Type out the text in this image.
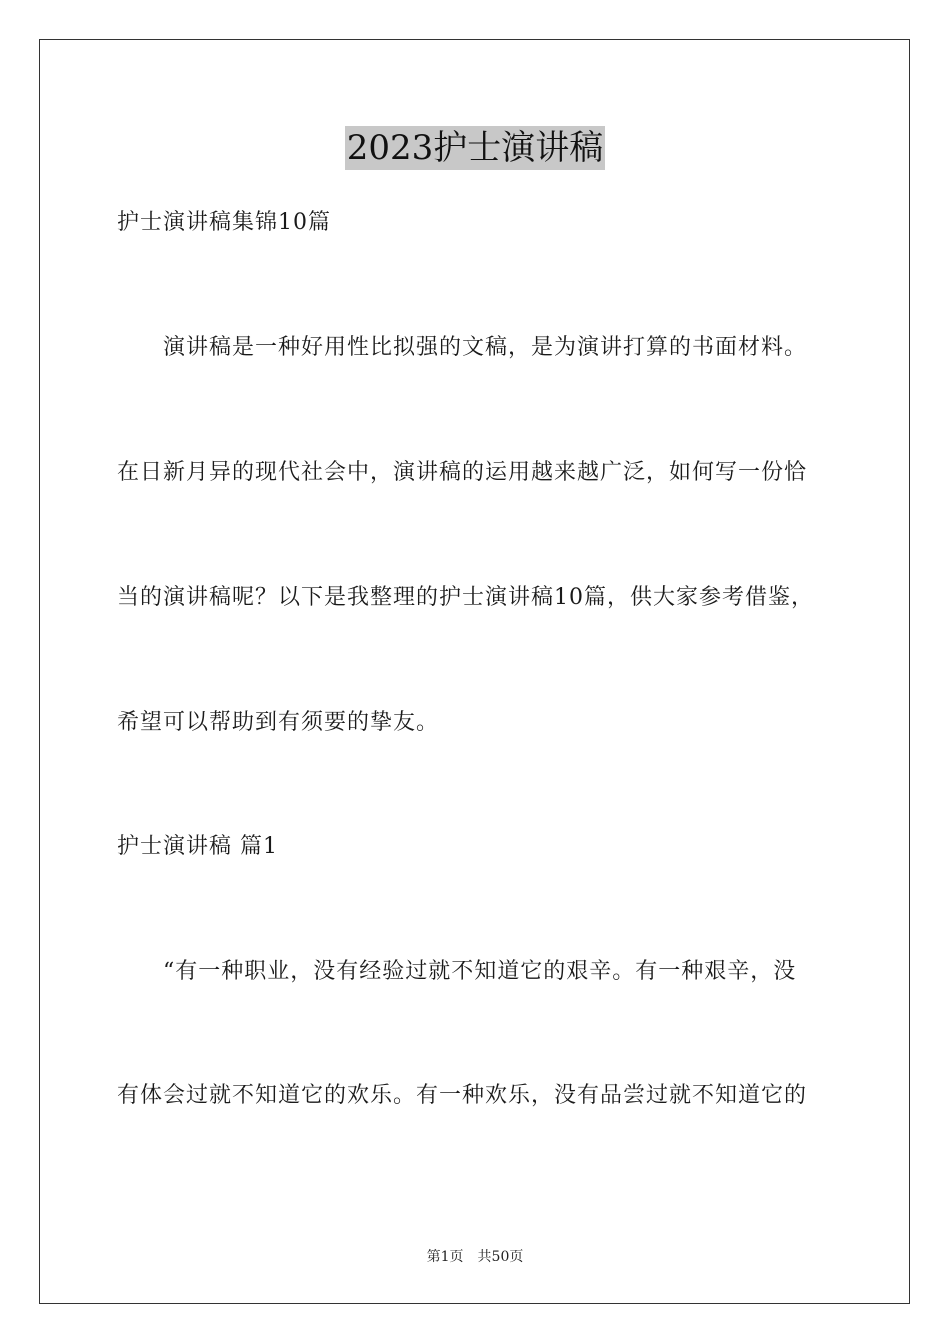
2023护士演讲稿
护士演讲稿集锦10篇
演讲稿是一种好用性比拟强的文稿，是为演讲打算的书面材料。
在日新月异的现代社会中，演讲稿的运用越来越广泛，如何写一份恰
当的演讲稿呢？以下是我整理的护士演讲稿10篇，供大家参考借鉴，
希望可以帮助到有须要的挚友。
护士演讲稿 篇1
“有一种职业，没有经验过就不知道它的艰辛。有一种艰辛，没
有体会过就不知道它的欢乐。有一种欢乐，没有品尝过就不知道它的
第1页 共50页
